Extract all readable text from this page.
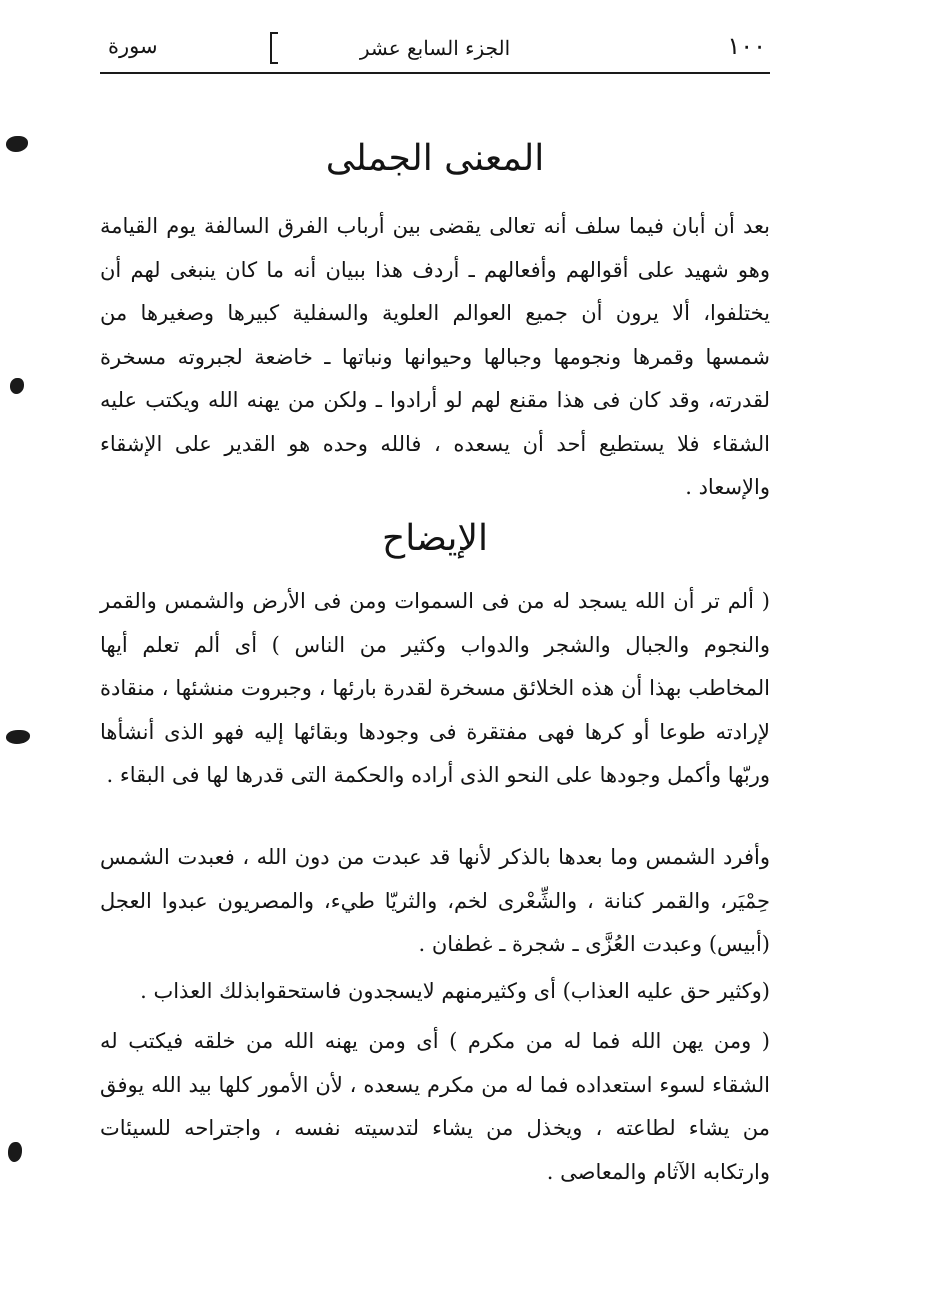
١٠٠
الجزء السابع عشر
سورة
المعنى الجملى

بعد أن أبان فيما سلف أنه تعالى يقضى بين أرباب الفرق السالفة يوم القيامة وهو شهيد على أقوالهم وأفعالهم ـ أردف هذا ببيان أنه ما كان ينبغى لهم أن يختلفوا، ألا يرون أن جميع العوالم العلوية والسفلية كبيرها وصغيرها من شمسها وقمرها ونجومها وجبالها وحيوانها ونباتها ـ خاضعة لجبروته مسخرة لقدرته، وقد كان فى هذا مقنع لهم لو أرادوا ـ ولكن من يهنه الله ويكتب عليه الشقاء فلا يستطيع أحد أن يسعده ، فالله وحده هو القدير على الإشقاء والإسعاد .

الإيضاح

( ألم تر أن الله يسجد له من فى السموات ومن فى الأرض والشمس والقمر والنجوم والجبال والشجر والدواب وكثير من الناس ) أى ألم تعلم أيها المخاطب بهذا أن هذه الخلائق مسخرة لقدرة بارئها ، وجبروت منشئها ، منقادة لإرادته طوعا أو كرها فهى مفتقرة فى وجودها وبقائها إليه فهو الذى أنشأها وربّها وأكمل وجودها على النحو الذى أراده والحكمة التى قدرها لها فى البقاء .

وأفرد الشمس وما بعدها بالذكر لأنها قد عبدت من دون الله ، فعبدت الشمس حِمْيَر، والقمر كنانة ، والشِّعْرى لخم، والثريّا طيء، والمصريون عبدوا العجل (أبيس) وعبدت العُزَّى ـ شجرة ـ غطفان .

(وكثير حق عليه العذاب) أى وكثيرمنهم لايسجدون فاستحقوابذلك العذاب .

( ومن يهن الله فما له من مكرم ) أى ومن يهنه الله من خلقه فيكتب له الشقاء لسوء استعداده فما له من مكرم يسعده ، لأن الأمور كلها بيد الله يوفق من يشاء لطاعته ، ويخذل من يشاء لتدسيته نفسه ، واجتراحه للسيئات وارتكابه الآثام والمعاصى .
